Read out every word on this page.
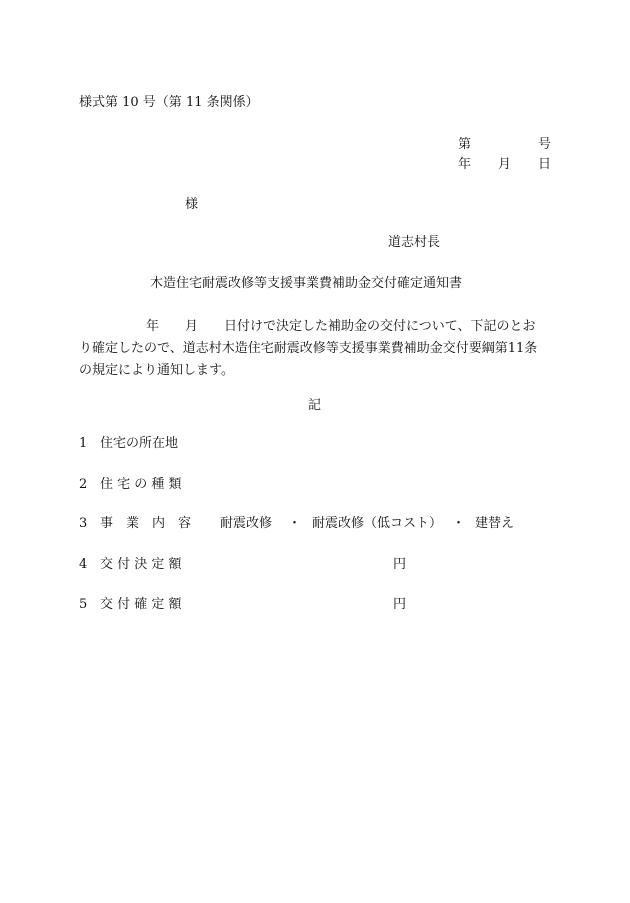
様式第 10 号（第 11 条関係）
第	号
年 月 日
様
道志村長
木造住宅耐震改修等支援事業費補助金交付確定通知書
年　　月　　日付けで決定した補助金の交付について、下記のとお
り確定したので、道志村木造住宅耐震改修等支援事業費補助金交付要綱第11条
の規定により通知します。
記
1 住宅の所在地
2 住 宅 の 種 類
3 事　業　内　容 耐震改修 ・ 耐震改修（低コスト） ・ 建替え
4 交 付 決 定 額	円
5 交 付 確 定 額	円
